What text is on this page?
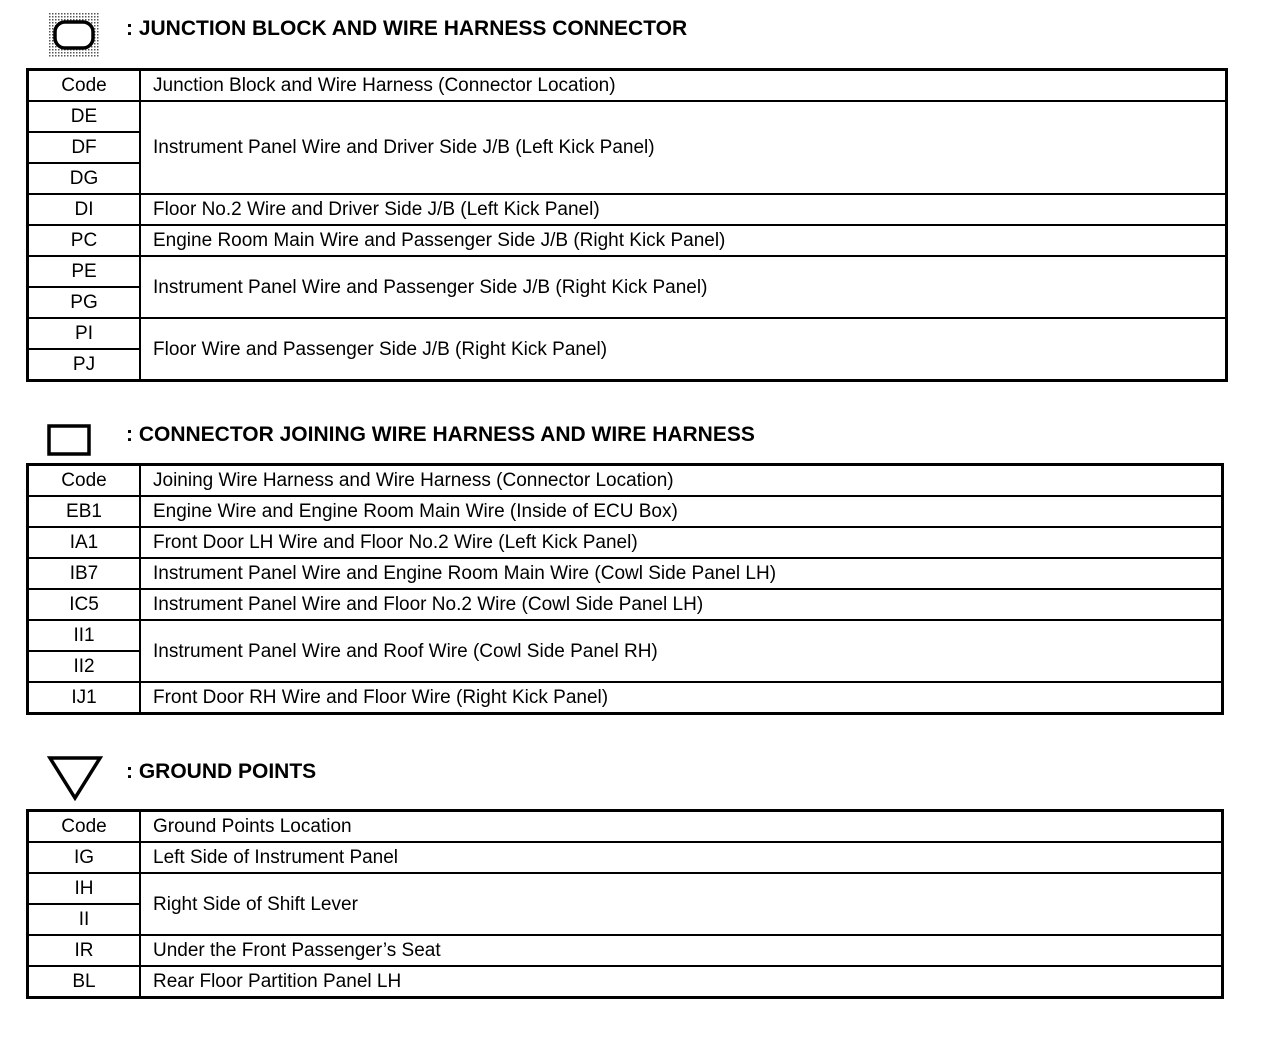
: JUNCTION BLOCK AND WIRE HARNESS CONNECTOR
Code	Junction Block and Wire Harness (Connector Location)
DE	Instrument Panel Wire and Driver Side J/B (Left Kick Panel)
DF	
DG	
DI	Floor No.2 Wire and Driver Side J/B (Left Kick Panel)
PC	Engine Room Main Wire and Passenger Side J/B (Right Kick Panel)
PE	Instrument Panel Wire and Passenger Side J/B (Right Kick Panel)
PG	
PI	Floor Wire and Passenger Side J/B (Right Kick Panel)
PJ	
: CONNECTOR JOINING WIRE HARNESS AND WIRE HARNESS
Code	Joining Wire Harness and Wire Harness (Connector Location)
EB1	Engine Wire and Engine Room Main Wire (Inside of ECU Box)
IA1	Front Door LH Wire and Floor No.2 Wire (Left Kick Panel)
IB7	Instrument Panel Wire and Engine Room Main Wire (Cowl Side Panel LH)
IC5	Instrument Panel Wire and Floor No.2 Wire (Cowl Side Panel LH)
II1	Instrument Panel Wire and Roof Wire (Cowl Side Panel RH)
II2	
IJ1	Front Door RH Wire and Floor Wire (Right Kick Panel)
: GROUND POINTS
Code	Ground Points Location
IG	Left Side of Instrument Panel
IH	Right Side of Shift Lever
II	
IR	Under the Front Passenger’s Seat
BL	Rear Floor Partition Panel LH
